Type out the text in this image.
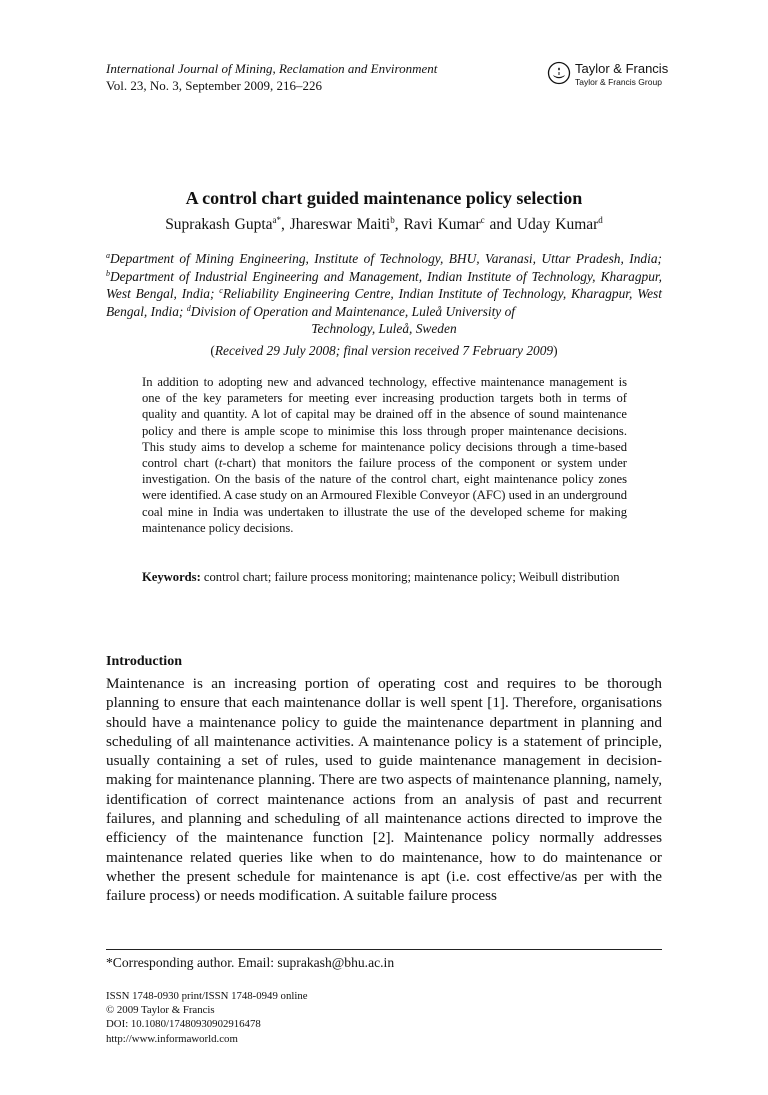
International Journal of Mining, Reclamation and Environment
Vol. 23, No. 3, September 2009, 216–226
Taylor & Francis
Taylor & Francis Group
A control chart guided maintenance policy selection
Suprakash Gupta$^{a*}$, Jhareswar Maiti$^b$, Ravi Kumar$^c$ and Uday Kumar$^d$
$^a$Department of Mining Engineering, Institute of Technology, BHU, Varanasi, Uttar Pradesh, India; $^b$Department of Industrial Engineering and Management, Indian Institute of Technology, Kharagpur, West Bengal, India; $^c$Reliability Engineering Centre, Indian Institute of Technology, Kharagpur, West Bengal, India; $^d$Division of Operation and Maintenance, Luleå University of
Technology, Luleå, Sweden
(Received 29 July 2008; final version received 7 February 2009)
In addition to adopting new and advanced technology, effective maintenance management is one of the key parameters for meeting ever increasing production targets both in terms of quality and quantity. A lot of capital may be drained off in the absence of sound maintenance policy and there is ample scope to minimise this loss through proper maintenance decisions. This study aims to develop a scheme for maintenance policy decisions through a time-based control chart (t-chart) that monitors the failure process of the component or system under investigation. On the basis of the nature of the control chart, eight maintenance policy zones were identified. A case study on an Armoured Flexible Conveyor (AFC) used in an underground coal mine in India was undertaken to illustrate the use of the developed scheme for making maintenance policy decisions.
Keywords: control chart; failure process monitoring; maintenance policy; Weibull distribution
Introduction
Maintenance is an increasing portion of operating cost and requires to be thorough planning to ensure that each maintenance dollar is well spent [1]. Therefore, organisations should have a maintenance policy to guide the maintenance department in planning and scheduling of all maintenance activities. A maintenance policy is a statement of principle, usually containing a set of rules, used to guide maintenance management in decision-making for maintenance planning. There are two aspects of maintenance planning, namely, identification of correct maintenance actions from an analysis of past and recurrent failures, and planning and scheduling of all maintenance actions directed to improve the efficiency of the maintenance function [2]. Maintenance policy normally addresses maintenance related queries like when to do maintenance, how to do maintenance or whether the present schedule for maintenance is apt (i.e. cost effective/as per with the failure process) or needs modification. A suitable failure process
*Corresponding author. Email: suprakash@bhu.ac.in
ISSN 1748-0930 print/ISSN 1748-0949 online
© 2009 Taylor & Francis
DOI: 10.1080/17480930902916478
http://www.informaworld.com
